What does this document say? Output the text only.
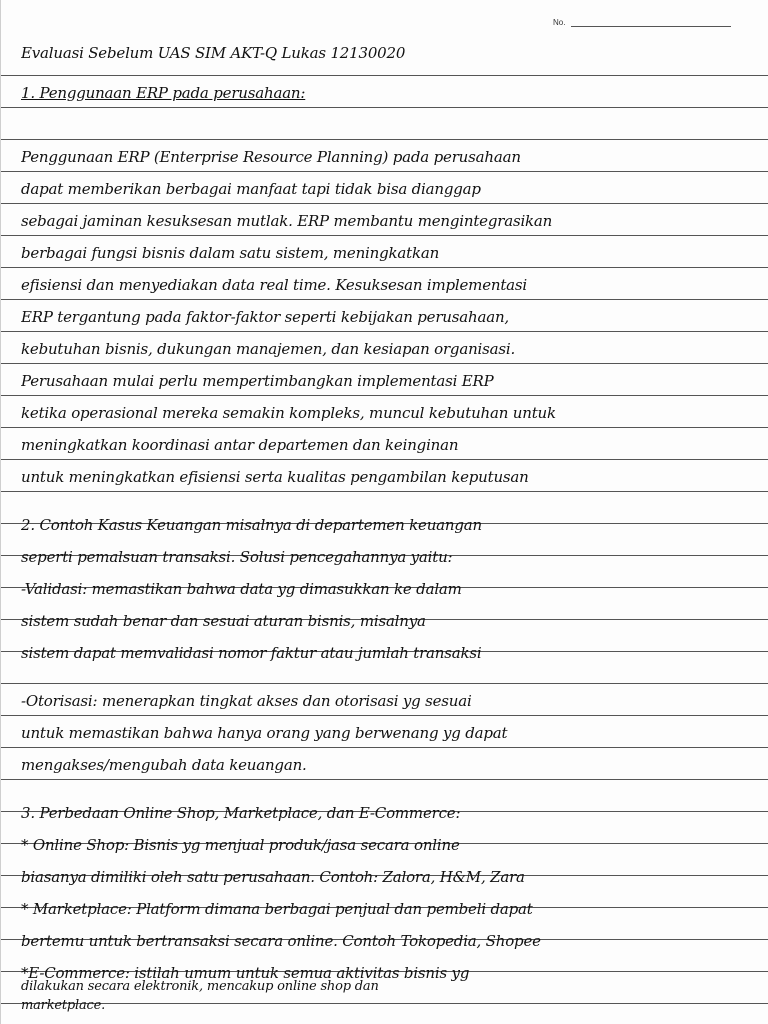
No.
Evaluasi Sebelum UAS SIM AKT-Q Lukas 12130020
1. Penggunaan ERP pada perusahaan:
Penggunaan ERP (Enterprise Resource Planning) pada perusahaan
dapat memberikan berbagai manfaat tapi tidak bisa dianggap
sebagai jaminan kesuksesan mutlak. ERP membantu mengintegrasikan
berbagai fungsi bisnis dalam satu sistem, meningkatkan
efisiensi dan menyediakan data real time. Kesuksesan implementasi
ERP tergantung pada faktor-faktor seperti kebijakan perusahaan,
kebutuhan bisnis, dukungan manajemen, dan kesiapan organisasi.
Perusahaan mulai perlu mempertimbangkan implementasi ERP
ketika operasional mereka semakin kompleks, muncul kebutuhan untuk
meningkatkan koordinasi antar departemen dan keinginan
untuk meningkatkan efisiensi serta kualitas pengambilan keputusan
2. Contoh Kasus Keuangan misalnya di departemen keuangan
seperti pemalsuan transaksi. Solusi pencegahannya yaitu:
-Validasi: memastikan bahwa data yg dimasukkan ke dalam
sistem sudah benar dan sesuai aturan bisnis, misalnya
sistem dapat memvalidasi nomor faktur atau jumlah transaksi
-Otorisasi: menerapkan tingkat akses dan otorisasi yg sesuai
untuk memastikan bahwa hanya orang yang berwenang yg dapat
mengakses/mengubah data keuangan.
3. Perbedaan Online Shop, Marketplace, dan E-Commerce:
* Online Shop: Bisnis yg menjual produk/jasa secara online
biasanya dimiliki oleh satu perusahaan. Contoh: Zalora, H&M, Zara
* Marketplace: Platform dimana berbagai penjual dan pembeli dapat
bertemu untuk bertransaksi secara online. Contoh Tokopedia, Shopee
*E-Commerce: istilah umum untuk semua aktivitas bisnis yg
dilakukan secara elektronik, mencakup online shop dan
marketplace.
